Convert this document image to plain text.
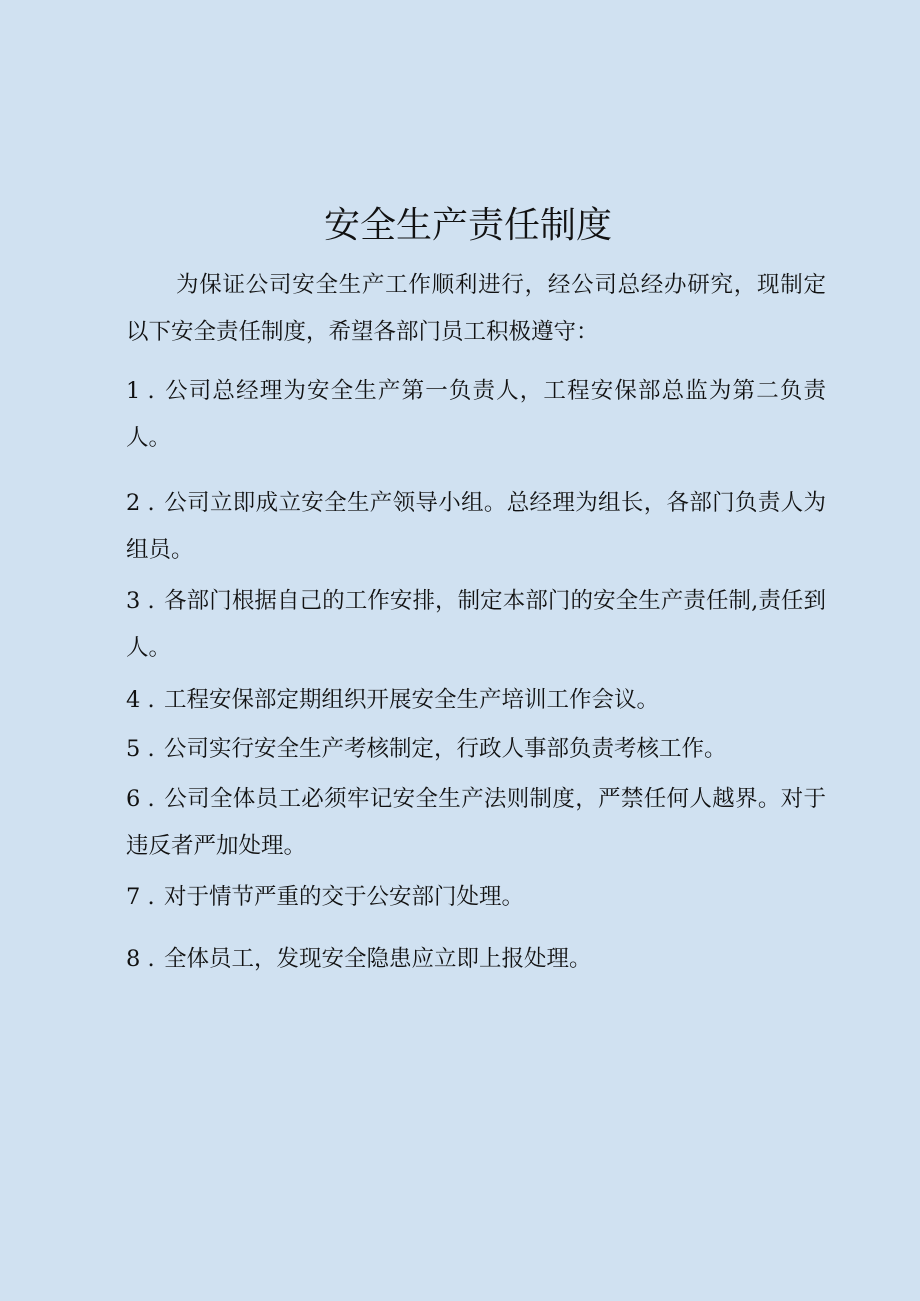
安全生产责任制度
为保证公司安全生产工作顺利进行，经公司总经办研究，现制定以下安全责任制度，希望各部门员工积极遵守：
1 . 公司总经理为安全生产第一负责人，工程安保部总监为第二负责人。
2 . 公司立即成立安全生产领导小组。总经理为组长，各部门负责人为组员。
3 . 各部门根据自己的工作安排，制定本部门的安全生产责任制,责任到人。
4 . 工程安保部定期组织开展安全生产培训工作会议。
5 . 公司实行安全生产考核制定，行政人事部负责考核工作。
6 . 公司全体员工必须牢记安全生产法则制度，严禁任何人越界。对于违反者严加处理。
7 . 对于情节严重的交于公安部门处理。
8 . 全体员工，发现安全隐患应立即上报处理。
